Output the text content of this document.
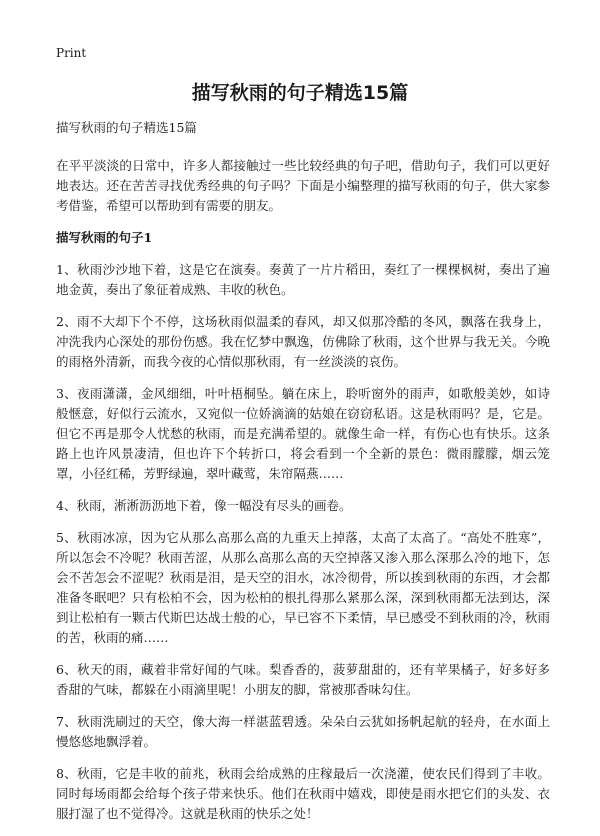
Print
描写秋雨的句子精选15篇

描写秋雨的句子精选15篇

在平平淡淡的日常中，许多人都接触过一些比较经典的句子吧，借助句子，我们可以更好地表达。还在苦苦寻找优秀经典的句子吗？下面是小编整理的描写秋雨的句子，供大家参考借鉴，希望可以帮助到有需要的朋友。

描写秋雨的句子1

1、秋雨沙沙地下着，这是它在演奏。奏黄了一片片稻田，奏红了一棵棵枫树，奏出了遍地金黄，奏出了象征着成熟、丰收的秋色。

2、雨不大却下个不停，这场秋雨似温柔的春风，却又似那冷酷的冬风，飘落在我身上，冲洗我内心深处的那份伤感。我在忆梦中飘逸，仿佛除了秋雨，这个世界与我无关。今晚的雨格外清新，而我今夜的心情似那秋雨，有一丝淡淡的哀伤。

3、夜雨潇潇，金风细细，叶叶梧桐坠。躺在床上，聆听窗外的雨声，如歌般美妙，如诗般惬意，好似行云流水，又宛似一位娇滴滴的姑娘在窃窃私语。这是秋雨吗？是，它是。但它不再是那令人忧愁的秋雨，而是充满希望的。就像生命一样，有伤心也有快乐。这条路上也许风景凄清，但也许下个转折口，将会看到一个全新的景色：微雨朦朦，烟云笼罩，小径红稀，芳野绿遍，翠叶藏莺，朱帘隔燕……

4、秋雨，淅淅沥沥地下着，像一幅没有尽头的画卷。

5、秋雨冰凉，因为它从那么高那么高的九重天上掉落，太高了太高了。“高处不胜寒”，所以怎会不冷呢？秋雨苦涩，从那么高那么高的天空掉落又渗入那么深那么冷的地下，怎会不苦怎会不涩呢？秋雨是泪，是天空的泪水，冰冷彻骨，所以挨到秋雨的东西，才会都准备冬眠吧？只有松柏不会，因为松柏的根扎得那么紧那么深，深到秋雨都无法到达，深到让松柏有一颗古代斯巴达战士般的心，早已容不下柔情，早已感受不到秋雨的冷，秋雨的苦，秋雨的痛……

6、秋天的雨，藏着非常好闻的气味。梨香香的，菠萝甜甜的，还有苹果橘子，好多好多香甜的气味，都躲在小雨滴里呢！小朋友的脚，常被那香味勾住。

7、秋雨洗刷过的天空，像大海一样湛蓝碧透。朵朵白云犹如扬帆起航的轻舟，在水面上慢悠悠地飘浮着。

8、秋雨，它是丰收的前兆，秋雨会给成熟的庄稼最后一次浇灌，使农民们得到了丰收。同时每场雨都会给每个孩子带来快乐。他们在秋雨中嬉戏，即使是雨水把它们的头发、衣服打湿了也不觉得冷。这就是秋雨的快乐之处！
